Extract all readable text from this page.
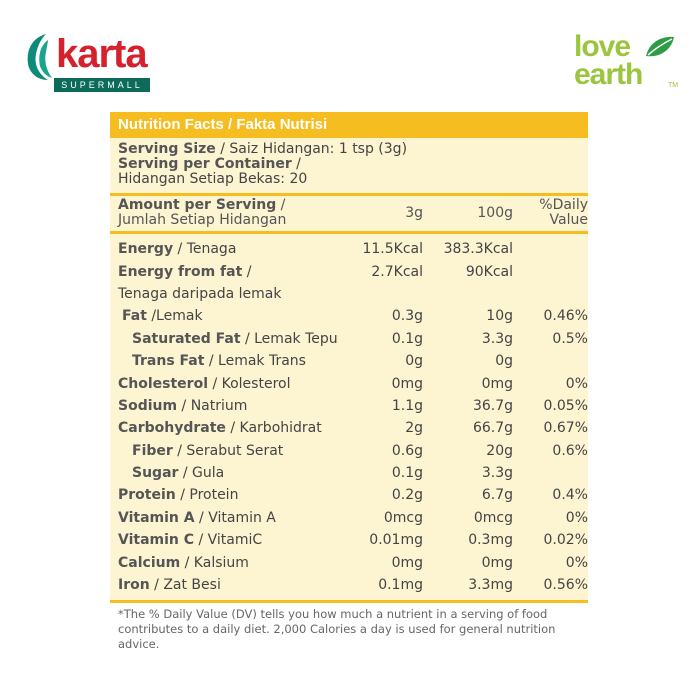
karta
SUPERMALL
love
earth	TM
Nutrition Facts / Fakta Nutrisi
Serving Size / Saiz Hidangan: 1 tsp (3g)
Serving per Container /
Hidangan Setiap Bekas: 20
Amount per Serving /
Jumlah Setiap Hidangan	3g	100g	%Daily
Value
Energy / Tenaga	11.5Kcal	383.3Kcal
Energy from fat /	2.7Kcal	90Kcal
Tenaga daripada lemak
Fat /Lemak	0.3g	10g	0.46%
Saturated Fat / Lemak Tepu	0.1g	3.3g	0.5%
Trans Fat / Lemak Trans	0g	0g
Cholesterol / Kolesterol	0mg	0mg	0%
Sodium / Natrium	1.1g	36.7g	0.05%
Carbohydrate / Karbohidrat	2g	66.7g	0.67%
Fiber / Serabut Serat	0.6g	20g	0.6%
Sugar / Gula	0.1g	3.3g
Protein / Protein	0.2g	6.7g	0.4%
Vitamin A / Vitamin A	0mcg	0mcg	0%
Vitamin C / VitamiC	0.01mg	0.3mg	0.02%
Calcium / Kalsium	0mg	0mg	0%
Iron / Zat Besi	0.1mg	3.3mg	0.56%
*The % Daily Value (DV) tells you how much a nutrient in a serving of food contributes to a daily diet. 2,000 Calories a day is used for general nutrition advice.
